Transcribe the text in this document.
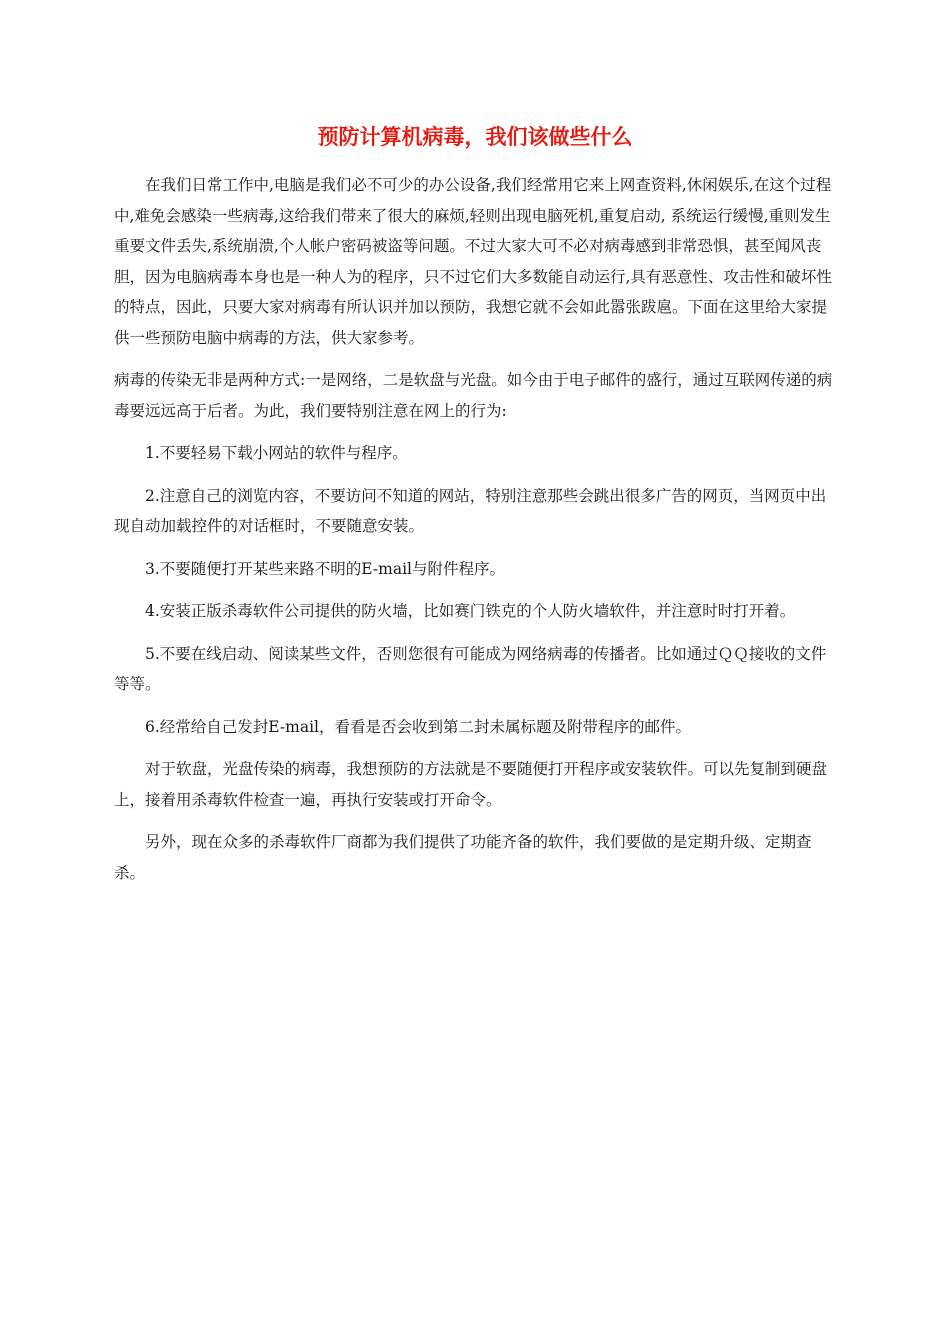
预防计算机病毒，我们该做些什么

在我们日常工作中,电脑是我们必不可少的办公设备,我们经常用它来上网查资料,休闲娱乐,在这个过程中,难免会感染一些病毒,这给我们带来了很大的麻烦,轻则出现电脑死机,重复启动, 系统运行缓慢,重则发生重要文件丢失,系统崩溃,个人帐户密码被盗等问题。不过大家大可不必对病毒感到非常恐惧，甚至闻风丧胆，因为电脑病毒本身也是一种人为的程序，只不过它们大多数能自动运行,具有恶意性、攻击性和破坏性的特点，因此，只要大家对病毒有所认识并加以预防，我想它就不会如此嚣张跋扈。下面在这里给大家提供一些预防电脑中病毒的方法，供大家参考。

病毒的传染无非是两种方式:一是网络，二是软盘与光盘。如今由于电子邮件的盛行，通过互联网传递的病毒要远远高于后者。为此，我们要特别注意在网上的行为:

1.不要轻易下载小网站的软件与程序。

2.注意自己的浏览内容，不要访问不知道的网站，特别注意那些会跳出很多广告的网页，当网页中出现自动加载控件的对话框时，不要随意安装。

3.不要随便打开某些来路不明的E-mail与附件程序。

4.安装正版杀毒软件公司提供的防火墙，比如赛门铁克的个人防火墙软件，并注意时时打开着。

5.不要在线启动、阅读某些文件，否则您很有可能成为网络病毒的传播者。比如通过ＱＱ接收的文件等等。

6.经常给自己发封E-mail，看看是否会收到第二封未属标题及附带程序的邮件。

对于软盘，光盘传染的病毒，我想预防的方法就是不要随便打开程序或安装软件。可以先复制到硬盘上，接着用杀毒软件检查一遍，再执行安装或打开命令。

另外，现在众多的杀毒软件厂商都为我们提供了功能齐备的软件，我们要做的是定期升级、定期查杀。
